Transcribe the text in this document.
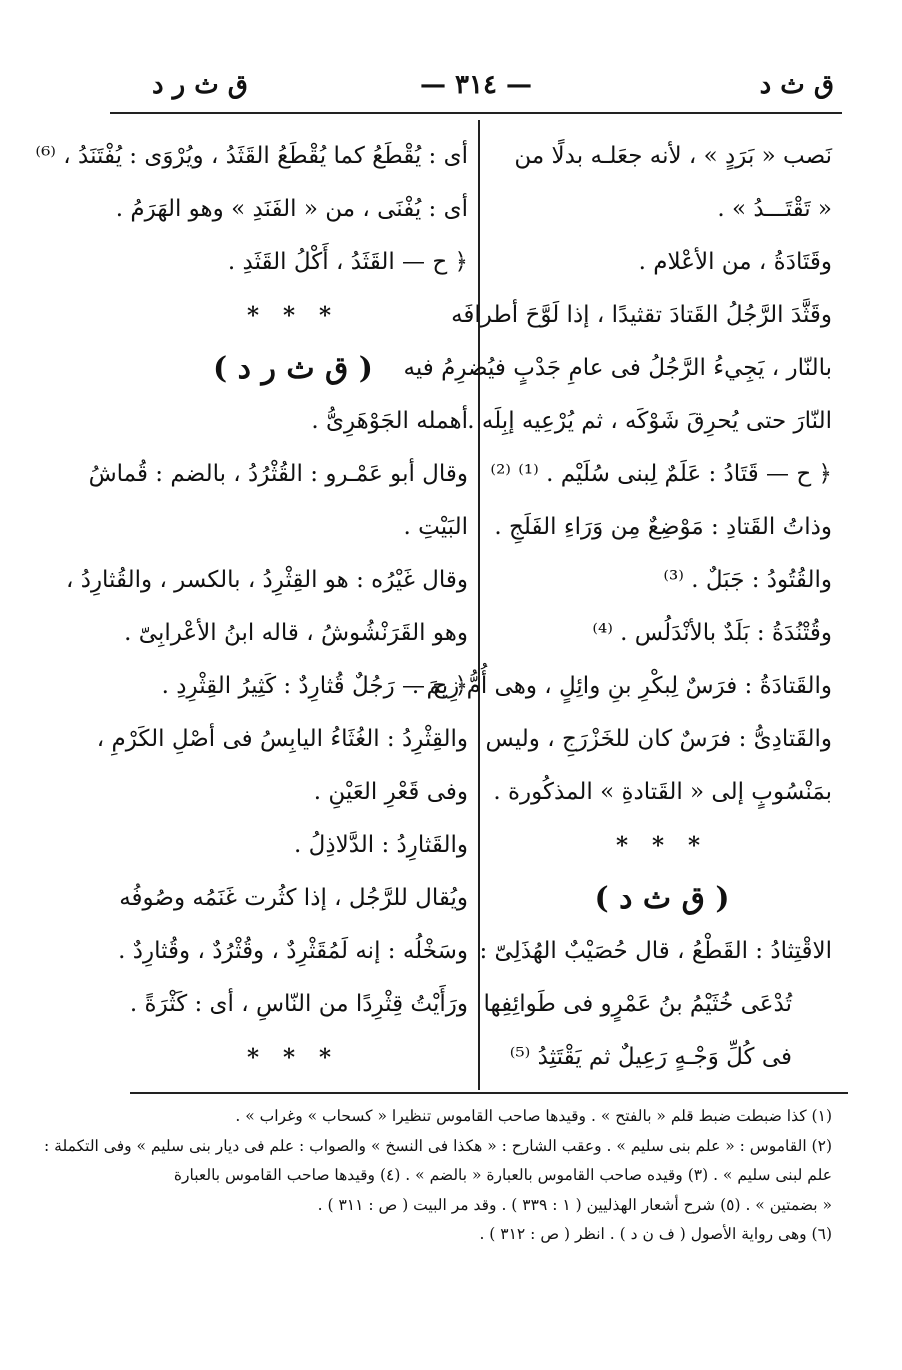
ق ث د
— ٣١٤ —
ق ث ر د
نَصب « بَرَدٍ » ، لأنه جعَلـه بدلًا من
« تَقْتَـــدُ » .
وقَتَادَةُ ، من الأعْلام .
وقَثَّدَ الرَّجُلُ القَتادَ تقثيدًا ، إذا لَوَّحَ أطرافَه
بالنّار ، يَجِيءُ الرَّجُلُ فى عامِ جَدْبٍ فيُضرِمُ فيه
النّارَ حتى يُحرِقَ شَوْكَه ، ثم يُرْعِيه إبِلَه .
﴿ ح — قَتَادُ : عَلَمٌ لِبنى سُلَيْم . ⁽¹⁾ ⁽²⁾
وذاتُ القَتادِ : مَوْضِعٌ مِن وَرَاءِ الفَلَجِ .
والقُتُودُ : جَبَلٌ . ⁽³⁾
وقُتْنُدَةُ : بَلَدٌ بالأنْدَلُس . ⁽⁴⁾
والقَتادَةُ : فرَسٌ لِبكْرِ بنِ وائِلٍ ، وهى أُمُّ زِيمَ .
والقَتادِىُّ : فرَسٌ كان للخَزْرَجِ ، وليس
بمَنْسُوبٍ إلى « القَتادةِ » المذكُورة .
* * *
( ق ث د )
الاقْتِثادُ : القَطْعُ ، قال حُصَيْبٌ الهُذَلِىّ :
تُدْعَى خُثَيْمُ بنُ عَمْرٍو فى طَوائِفِها
فى كُلِّ وَجْـهٍ رَعِيلٌ ثم يَقْتَثِدُ ⁽⁵⁾
أى : يُقْطَعُ كما يُقْطَعُ القَثَدُ ، ويُرْوَى : يُفْتَنَدُ ، ⁽⁶⁾
أى : يُفْنَى ، من « الفَنَدِ » وهو الهَرَمُ .
﴿ ح — القَثَدُ ، أَكْلُ القَثَدِ .
* * *
( ق ث ر د )
أهمله الجَوْهَرِىُّ .
وقال أبو عَمْـرو : القُثْرُدُ ، بالضم : قُماشُ
البَيْتِ .
وقال غَيْرُه : هو القِثْرِدُ ، بالكسر ، والقُثارِدُ ،
وهو القَرَنْشُوشُ ، قاله ابنُ الأعْرابِىّ .
﴿ ح — رَجُلٌ قُثارِدٌ : كَثِيرُ القِثْرِدِ .
والقِثْرِدُ : الغُثَاءُ اليابِسُ فى أصْلِ الكَرْمِ ،
وفى قَعْرِ العَيْنِ .
والقَثارِدُ : الدَّلاذِلُ .
ويُقال للرَّجُل ، إذا كثُرت غَنَمُه وصُوفُه
وسَخْلُه : إنه لَمُقَثْرِدٌ ، وقُثْرُدٌ ، وقُثارِدٌ .
ورَأَيْتُ قِثْرِدًا من النّاسِ ، أى : كَثْرَةً .
* * *
(١) كذا ضبطت ضبط قلم « بالفتح » . وقيدها صاحب القاموس تنظيرا « كسحاب » وغراب » .
(٢) القاموس : « علم بنى سليم » . وعقب الشارح : « هكذا فى النسخ » والصواب : علم فى ديار بنى سليم » وفى التكملة :
علم لبنى سليم » . (٣) وقيده صاحب القاموس بالعبارة « بالضم » . (٤) وقيدها صاحب القاموس بالعبارة
« بضمتين » . (٥) شرح أشعار الهذليين ( ١ : ٣٣٩ ) . وقد مر البيت ( ص : ٣١١ ) .
(٦) وهى رواية الأصول ( ف ن د ) . انظر ( ص : ٣١٢ ) .
